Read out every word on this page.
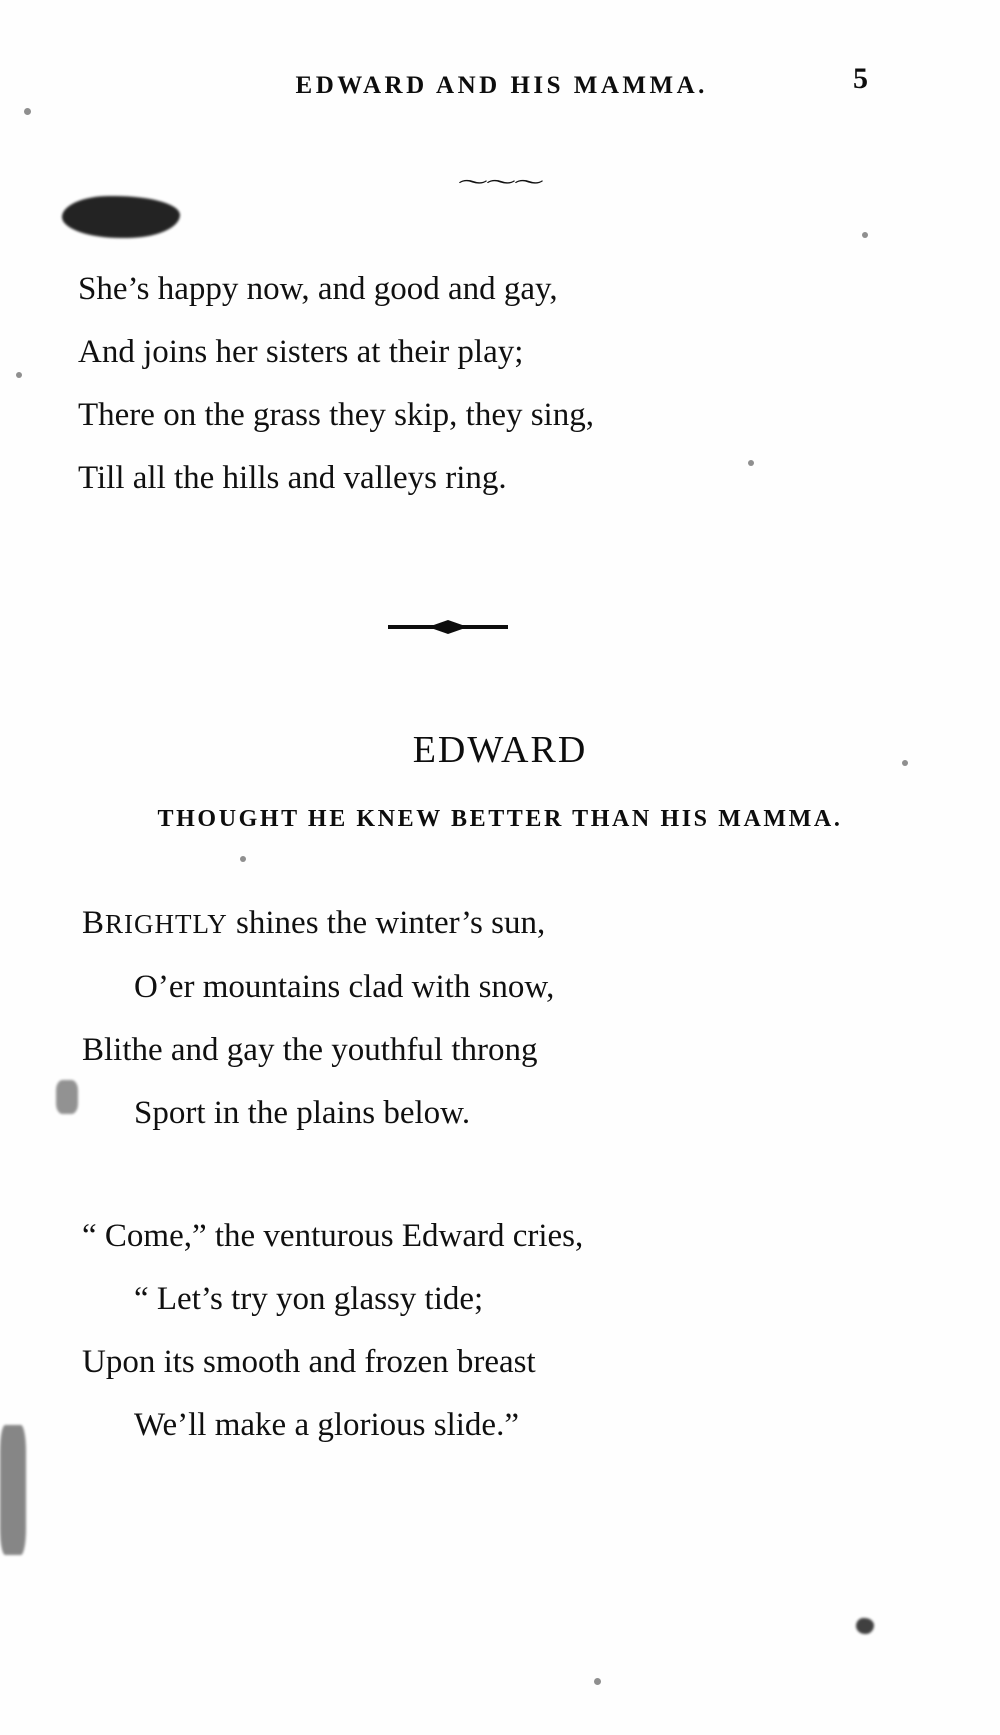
EDWARD AND HIS MAMMA.	5
〜〜〜
She’s happy now, and good and gay,
And joins her sisters at their play;
There on the grass they skip, they sing,
Till all the hills and valleys ring.
EDWARD
THOUGHT HE KNEW BETTER THAN HIS MAMMA.
BRIGHTLY shines the winter’s sun,
O’er mountains clad with snow,
Blithe and gay the youthful throng
Sport in the plains below.
“ Come,” the venturous Edward cries,
“ Let’s try yon glassy tide;
Upon its smooth and frozen breast
We’ll make a glorious slide.”
